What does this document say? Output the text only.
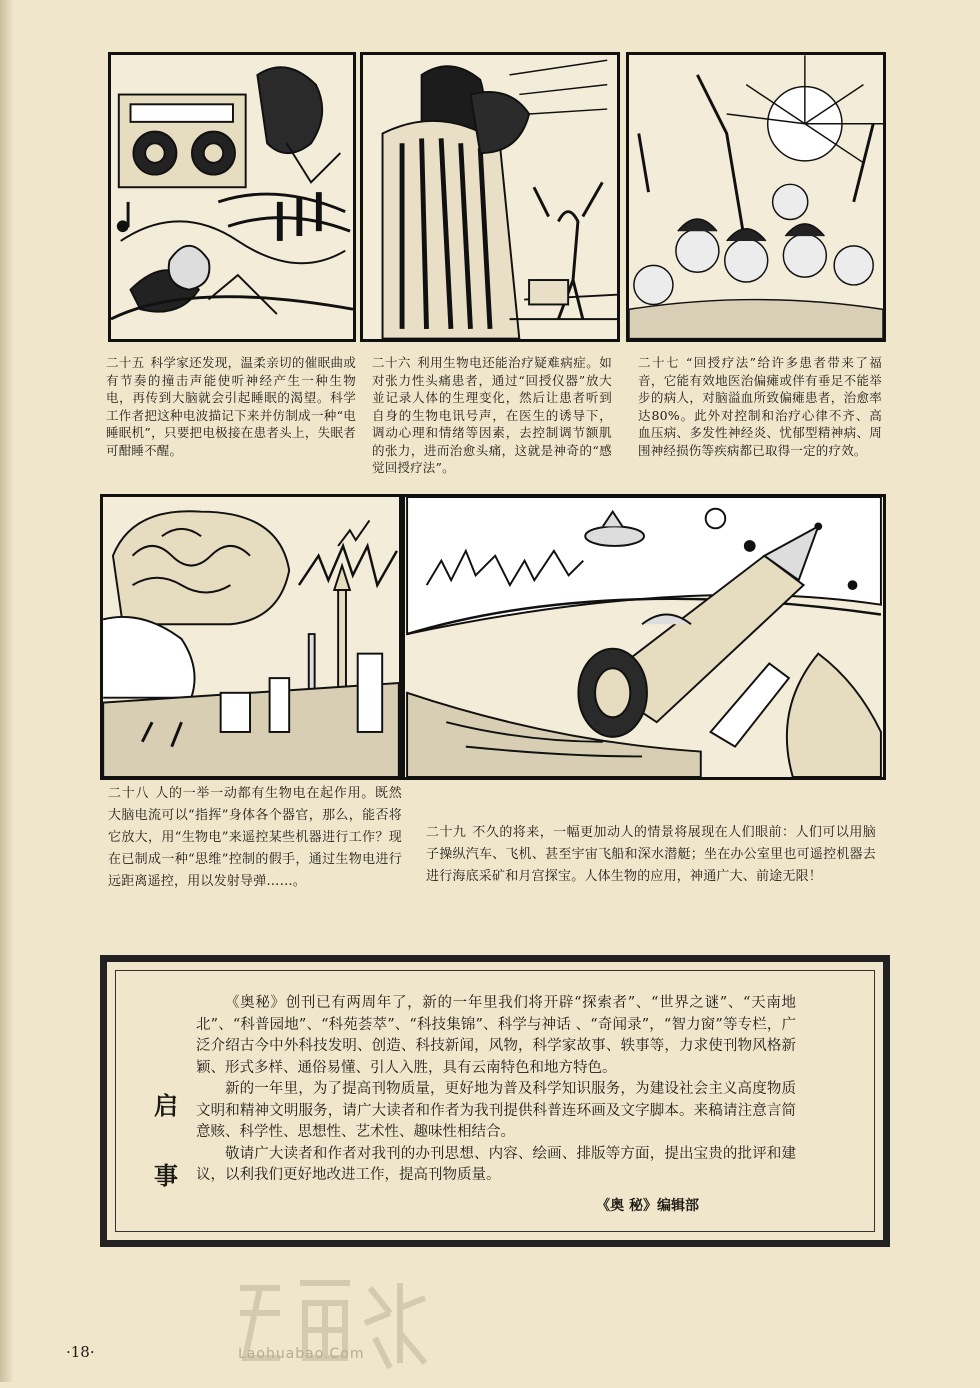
二十五 科学家还发现，温柔亲切的催眠曲或有节奏的撞击声能使听神经产生一种生物电，再传到大脑就会引起睡眠的渴望。科学工作者把这种电波描记下来并仿制成一种“电睡眠机”，只要把电极接在患者头上，失眠者可酣睡不醒。
二十六 利用生物电还能治疗疑难病症。如对张力性头痛患者，通过“回授仪器”放大並记录人体的生理变化，然后让患者听到自身的生物电讯号声，在医生的诱导下，调动心理和情绪等因素，去控制调节额肌的张力，进而治愈头痛，这就是神奇的“感觉回授疗法”。
二十七 “回授疗法”给许多患者带来了福音，它能有效地医治偏瘫或伴有垂足不能举步的病人，对脑溢血所致偏瘫患者，治愈率达80%。此外对控制和治疗心律不齐、高血压病、多发性神经炎、忧郁型精神病、周围神经损伤等疾病都已取得一定的疗效。
二十八 人的一举一动都有生物电在起作用。既然大脑电流可以“指挥”身体各个器官，那么，能否将它放大，用“生物电”来遥控某些机器进行工作？现在已制成一种“思维”控制的假手，通过生物电进行远距离遥控，用以发射导弹……。
二十九 不久的将来，一幅更加动人的情景将展现在人们眼前：人们可以用脑子操纵汽车、飞机、甚至宇宙飞船和深水潜艇；坐在办公室里也可遥控机器去进行海底采矿和月宫探宝。人体生物的应用，神通广大、前途无限！
启
事

《奥秘》创刊已有两周年了，新的一年里我们将开辟“探索者”、“世界之谜”、“天南地北”、“科普园地”、“科苑荟萃”、“科技集锦”、科学与神话 、“奇闻录”，“智力窗”等专栏，广泛介绍古今中外科技发明、创造、科技新闻，风物，科学家故事、轶事等，力求使刊物风格新颖、形式多样、通俗易懂、引人入胜，具有云南特色和地方特色。

新的一年里，为了提高刊物质量，更好地为普及科学知识服务，为建设社会主义高度物质文明和精神文明服务，请广大读者和作者为我刊提供科普连环画及文字脚本。来稿请注意言简意赅、科学性、思想性、艺术性、趣味性相结合。

敬请广大读者和作者对我刊的办刊思想、内容、绘画、排版等方面，提出宝贵的批评和建议，以利我们更好地改进工作，提高刊物质量。

《奥 秘》编辑部
Laohuabao.Com
·18·
